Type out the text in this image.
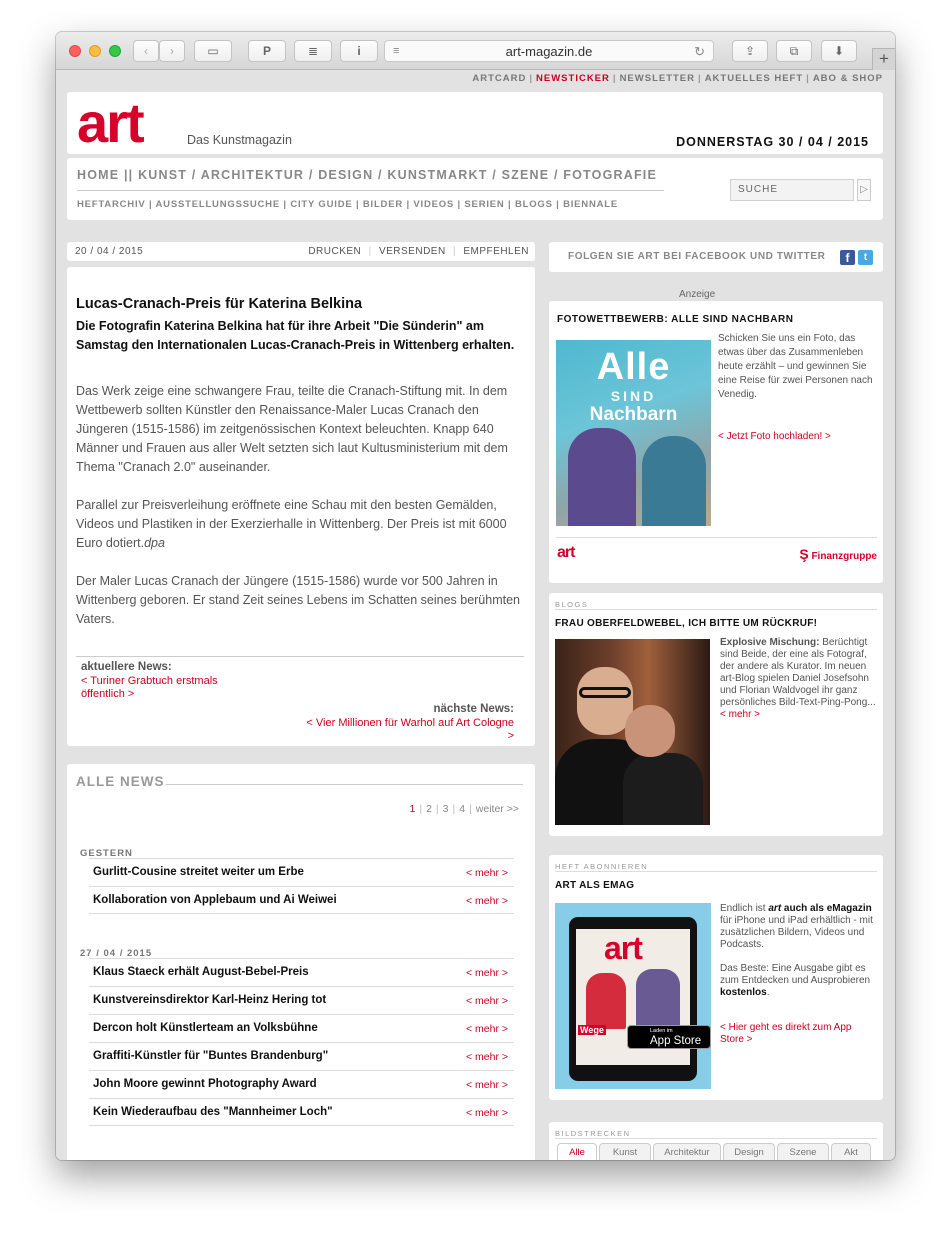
‹	›	▭	P	≣	i	≡	art-magazin.de	↻	⇪	⧉	⬇	+
ARTCARD | NEWSTICKER | NEWSLETTER | AKTUELLES HEFT | ABO & SHOP
art	Das Kunstmagazin	DONNERSTAG 30 / 04 / 2015
HOME || KUNST / ARCHITEKTUR / DESIGN / KUNSTMARKT / SZENE / FOTOGRAFIE
HEFTARCHIV | AUSSTELLUNGSSUCHE | CITY GUIDE | BILDER | VIDEOS | SERIEN | BLOGS | BIENNALE
SUCHE	▷
20 / 04 / 2015	DRUCKEN | VERSENDEN | EMPFEHLEN
Lucas-Cranach-Preis für Katerina Belkina
Die Fotografin Katerina Belkina hat für ihre Arbeit "Die Sünderin" am Samstag den Internationalen Lucas-Cranach-Preis in Wittenberg erhalten.
Das Werk zeige eine schwangere Frau, teilte die Cranach-Stiftung mit. In dem Wettbewerb sollten Künstler den Renaissance-Maler Lucas Cranach den Jüngeren (1515-1586) im zeitgenössischen Kontext beleuchten. Knapp 640 Männer und Frauen aus aller Welt setzten sich laut Kultusministerium mit dem Thema "Cranach 2.0" auseinander.
Parallel zur Preisverleihung eröffnete eine Schau mit den besten Gemälden, Videos und Plastiken in der Exerzierhalle in Wittenberg. Der Preis ist mit 6000 Euro dotiert.dpa
Der Maler Lucas Cranach der Jüngere (1515-1586) wurde vor 500 Jahren in Wittenberg geboren. Er stand Zeit seines Lebens im Schatten seines berühmten Vaters.
aktuellere News:
< Turiner Grabtuch erstmals öffentlich >
nächste News:
< Vier Millionen für Warhol auf Art Cologne >
ALLE NEWS
1 | 2 | 3 | 4 | weiter >>
GESTERN
Gurlitt-Cousine streitet weiter um Erbe	< mehr >
Kollaboration von Applebaum und Ai Weiwei	< mehr >
27 / 04 / 2015
Klaus Staeck erhält August-Bebel-Preis	< mehr >
Kunstvereinsdirektor Karl-Heinz Hering tot	< mehr >
Dercon holt Künstlerteam an Volksbühne	< mehr >
Graffiti-Künstler für "Buntes Brandenburg"	< mehr >
John Moore gewinnt Photography Award	< mehr >
Kein Wiederaufbau des "Mannheimer Loch"	< mehr >
FOLGEN SIE ART BEI FACEBOOK UND TWITTER	f	t
Anzeige
FOTOWETTBEWERB: ALLE SIND NACHBARN
Alle
SIND
Nachbarn
Schicken Sie uns ein Foto, das etwas über das Zusammenleben heute erzählt – und gewinnen Sie eine Reise für zwei Personen nach Venedig.
< Jetzt Foto hochladen! >
art	Ş Finanzgruppe
BLOGS
FRAU OBERFELDWEBEL, ICH BITTE UM RÜCKRUF!
Explosive Mischung: Berüchtigt sind Beide, der eine als Fotograf, der andere als Kurator. Im neuen art-Blog spielen Daniel Josefsohn und Florian Waldvogel ihr ganz persönliches Bild-Text-Ping-Pong... < mehr >
HEFT ABONNIEREN
ART ALS EMAG
art
Wege	Laden im
App Store
Endlich ist art auch als eMagazin für iPhone und iPad erhältlich - mit zusätzlichen Bildern, Videos und Podcasts.

Das Beste: Eine Ausgabe gibt es zum Entdecken und Ausprobieren kostenlos.
< Hier geht es direkt zum App Store >
BILDSTRECKEN
Alle	Kunst	Architektur	Design	Szene	Akt
